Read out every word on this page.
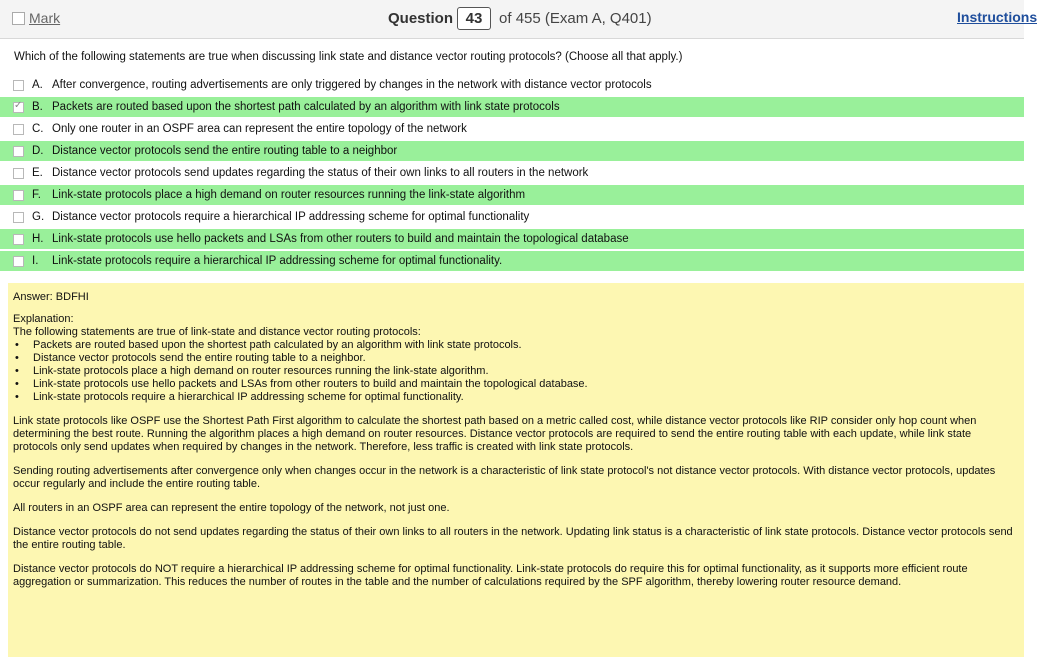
Mark	Question 43	of 455 (Exam A, Q401)	Instructions
Which of the following statements are true when discussing link state and distance vector routing protocols? (Choose all that apply.)
A. After convergence, routing advertisements are only triggered by changes in the network with distance vector protocols
✓
B. Packets are routed based upon the shortest path calculated by an algorithm with link state protocols
C. Only one router in an OSPF area can represent the entire topology of the network
D. Distance vector protocols send the entire routing table to a neighbor
E. Distance vector protocols send updates regarding the status of their own links to all routers in the network
F. Link-state protocols place a high demand on router resources running the link-state algorithm
G. Distance vector protocols require a hierarchical IP addressing scheme for optimal functionality
H. Link-state protocols use hello packets and LSAs from other routers to build and maintain the topological database
I.	Link-state protocols require a hierarchical IP addressing scheme for optimal functionality.

Answer: BDFHI

Explanation:

The following statements are true of link-state and distance vector routing protocols:

•	Packets are routed based upon the shortest path calculated by an algorithm with link state protocols.
•	Distance vector protocols send the entire routing table to a neighbor.
•	Link-state protocols place a high demand on router resources running the link-state algorithm.
•	Link-state protocols use hello packets and LSAs from other routers to build and maintain the topological database.
•	Link-state protocols require a hierarchical IP addressing scheme for optimal functionality.

Link state protocols like OSPF use the Shortest Path First algorithm to calculate the shortest path based on a metric called cost, while distance vector protocols like RIP consider only hop count when determining the best route. Running the algorithm places a high demand on router resources. Distance vector protocols are required to send the entire routing table with each update, while link state protocols only send updates when required by changes in the network. Therefore, less traffic is created with link state protocols.

Sending routing advertisements after convergence only when changes occur in the network is a characteristic of link state protocol's not distance vector protocols. With distance vector protocols, updates occur regularly and include the entire routing table.

All routers in an OSPF area can represent the entire topology of the network, not just one.

Distance vector protocols do not send updates regarding the status of their own links to all routers in the network. Updating link status is a characteristic of link state protocols. Distance vector protocols send the entire routing table.

Distance vector protocols do NOT require a hierarchical IP addressing scheme for optimal functionality. Link-state protocols do require this for optimal functionality, as it supports more efficient route aggregation or summarization. This reduces the number of routes in the table and the number of calculations required by the SPF algorithm, thereby lowering router resource demand.
